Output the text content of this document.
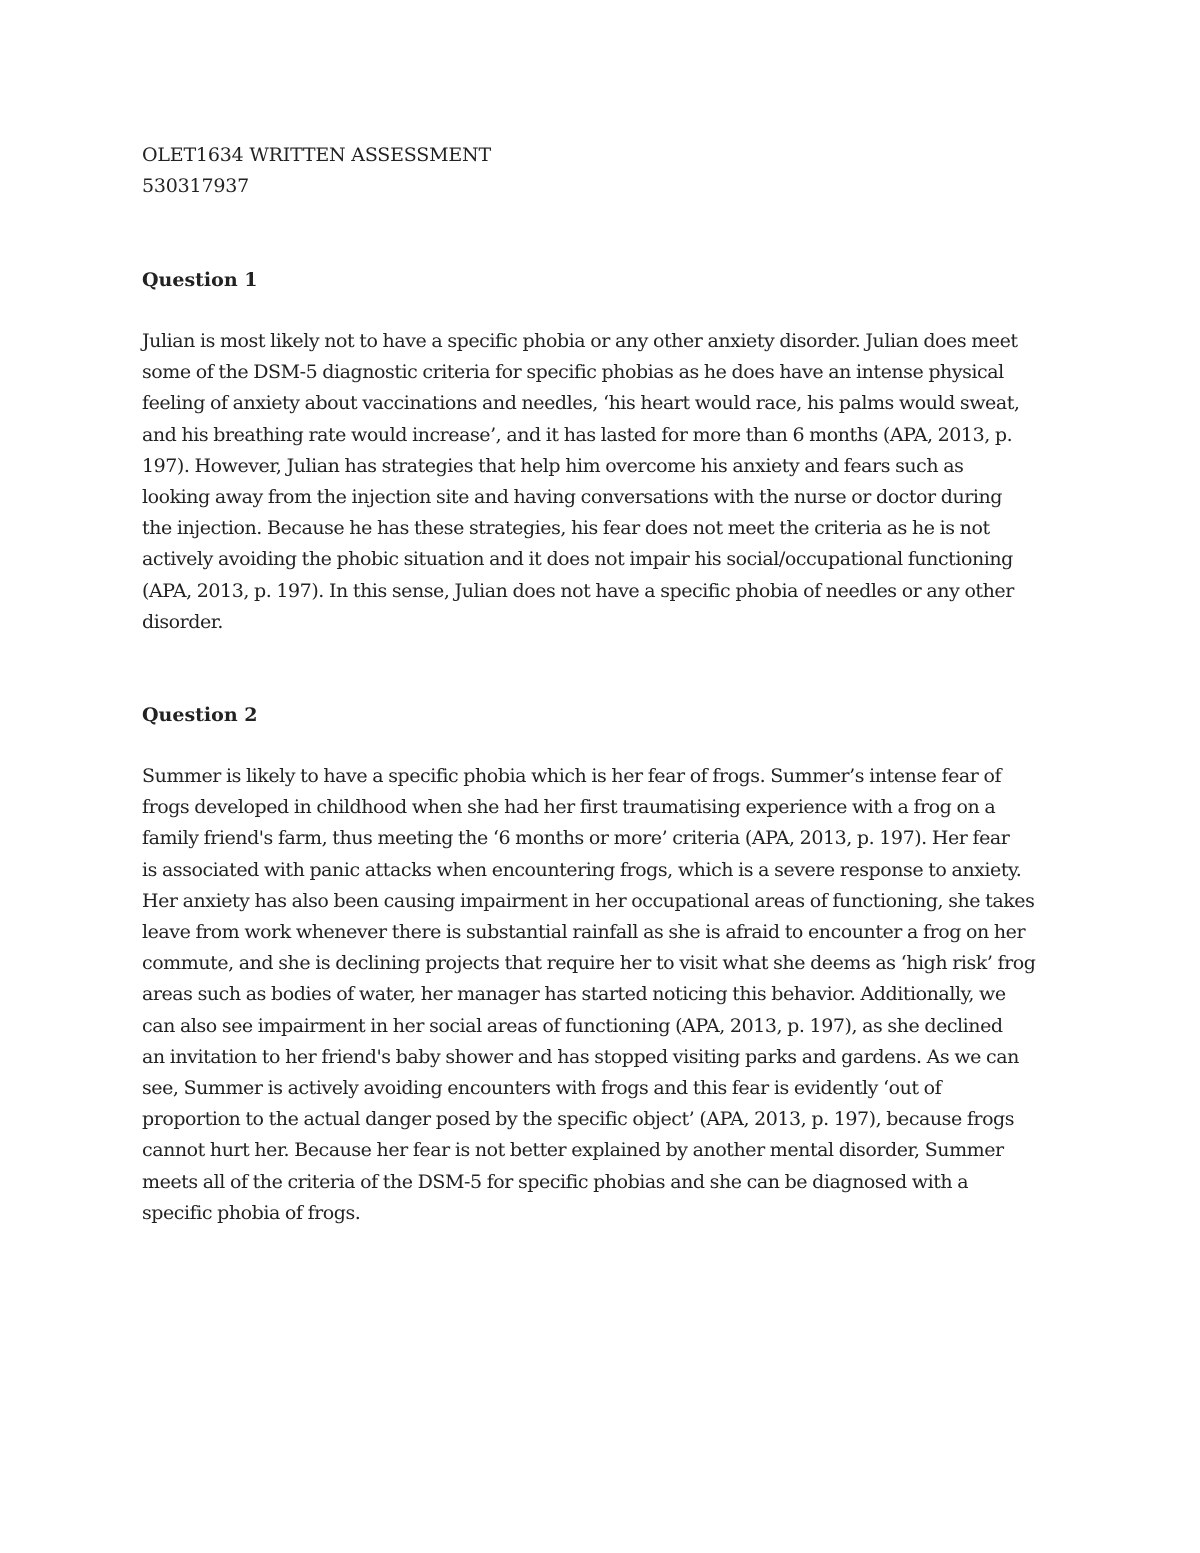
OLET1634 WRITTEN ASSESSMENT

530317937

Question 1

Julian is most likely not to have a specific phobia or any other anxiety disorder. Julian does meet
some of the DSM-5 diagnostic criteria for specific phobias as he does have an intense physical
feeling of anxiety about vaccinations and needles, ‘his heart would race, his palms would sweat,
and his breathing rate would increase’, and it has lasted for more than 6 months (APA, 2013, p.
197). However, Julian has strategies that help him overcome his anxiety and fears such as
looking away from the injection site and having conversations with the nurse or doctor during
the injection. Because he has these strategies, his fear does not meet the criteria as he is not
actively avoiding the phobic situation and it does not impair his social/occupational functioning
(APA, 2013, p. 197). In this sense, Julian does not have a specific phobia of needles or any other
disorder.

Question 2

Summer is likely to have a specific phobia which is her fear of frogs. Summer’s intense fear of
frogs developed in childhood when she had her first traumatising experience with a frog on a
family friend's farm, thus meeting the ‘6 months or more’ criteria (APA, 2013, p. 197). Her fear
is associated with panic attacks when encountering frogs, which is a severe response to anxiety.
Her anxiety has also been causing impairment in her occupational areas of functioning, she takes
leave from work whenever there is substantial rainfall as she is afraid to encounter a frog on her
commute, and she is declining projects that require her to visit what she deems as ‘high risk’ frog
areas such as bodies of water, her manager has started noticing this behavior. Additionally, we
can also see impairment in her social areas of functioning (APA, 2013, p. 197), as she declined
an invitation to her friend's baby shower and has stopped visiting parks and gardens. As we can
see, Summer is actively avoiding encounters with frogs and this fear is evidently ‘out of
proportion to the actual danger posed by the specific object’ (APA, 2013, p. 197), because frogs
cannot hurt her. Because her fear is not better explained by another mental disorder, Summer
meets all of the criteria of the DSM-5 for specific phobias and she can be diagnosed with a
specific phobia of frogs.
